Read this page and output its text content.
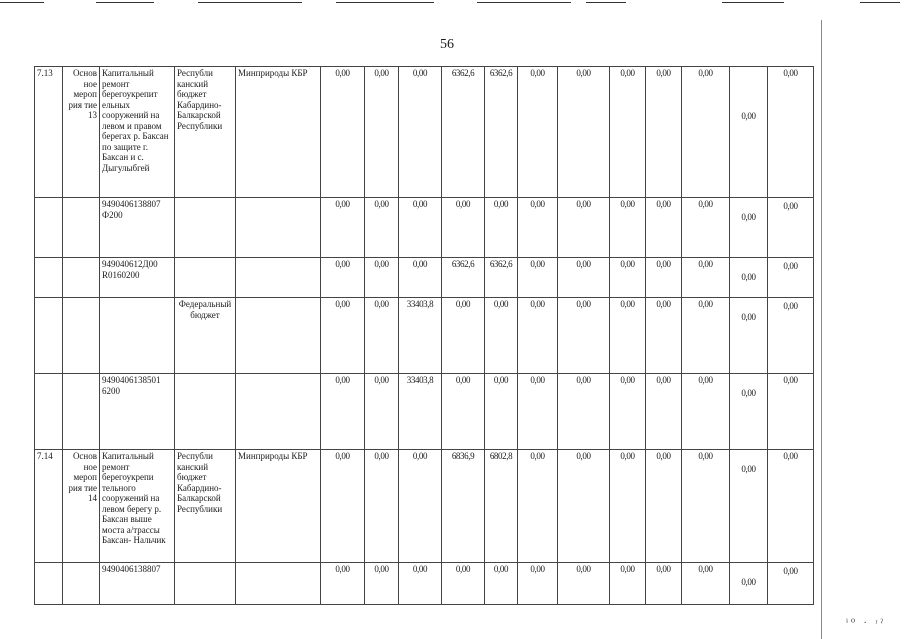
56
7.13	Основ ное мероп рия тие 13	Капитальный ремонт берегоукрепит ельных сооружений на левом и правом берегах р. Баксан по защите г. Баксан и с. Дыгулыбгей	Республи канский бюджет Кабардино- Балкарской Республики	Минприроды КБР	0,00	0,00	0,00	6362,6	6362,6	0,00	0,00	0,00	0,00	0,00	0,00	0,00
		9490406138807 Ф200			0,00	0,00	0,00	0,00	0,00	0,00	0,00	0,00	0,00	0,00	0,00	0,00
		949040612Д00 R0160200			0,00	0,00	0,00	6362,6	6362,6	0,00	0,00	0,00	0,00	0,00	0,00	0,00
			Федеральный бюджет		0,00	0,00	33403,8	0,00	0,00	0,00	0,00	0,00	0,00	0,00	0,00	0,00
		9490406138501 6200			0,00	0,00	33403,8	0,00	0,00	0,00	0,00	0,00	0,00	0,00	0,00	0,00
7.14	Основ ное мероп рия тие 14	Капитальный ремонт берегоукрепи тельного сооружений на левом берегу р. Баксан выше моста а/трассы Баксан- Нальчик	Республи канский бюджет Кабардино- Балкарской Республики	Минприроды КБР	0,00	0,00	0,00	6836,9	6802,8	0,00	0,00	0,00	0,00	0,00	0,00	0,00
		9490406138807			0,00	0,00	0,00	0,00	0,00	0,00	0,00	0,00	0,00	0,00	0,00	0,00
ⁱ⁰ · ʳˀ
